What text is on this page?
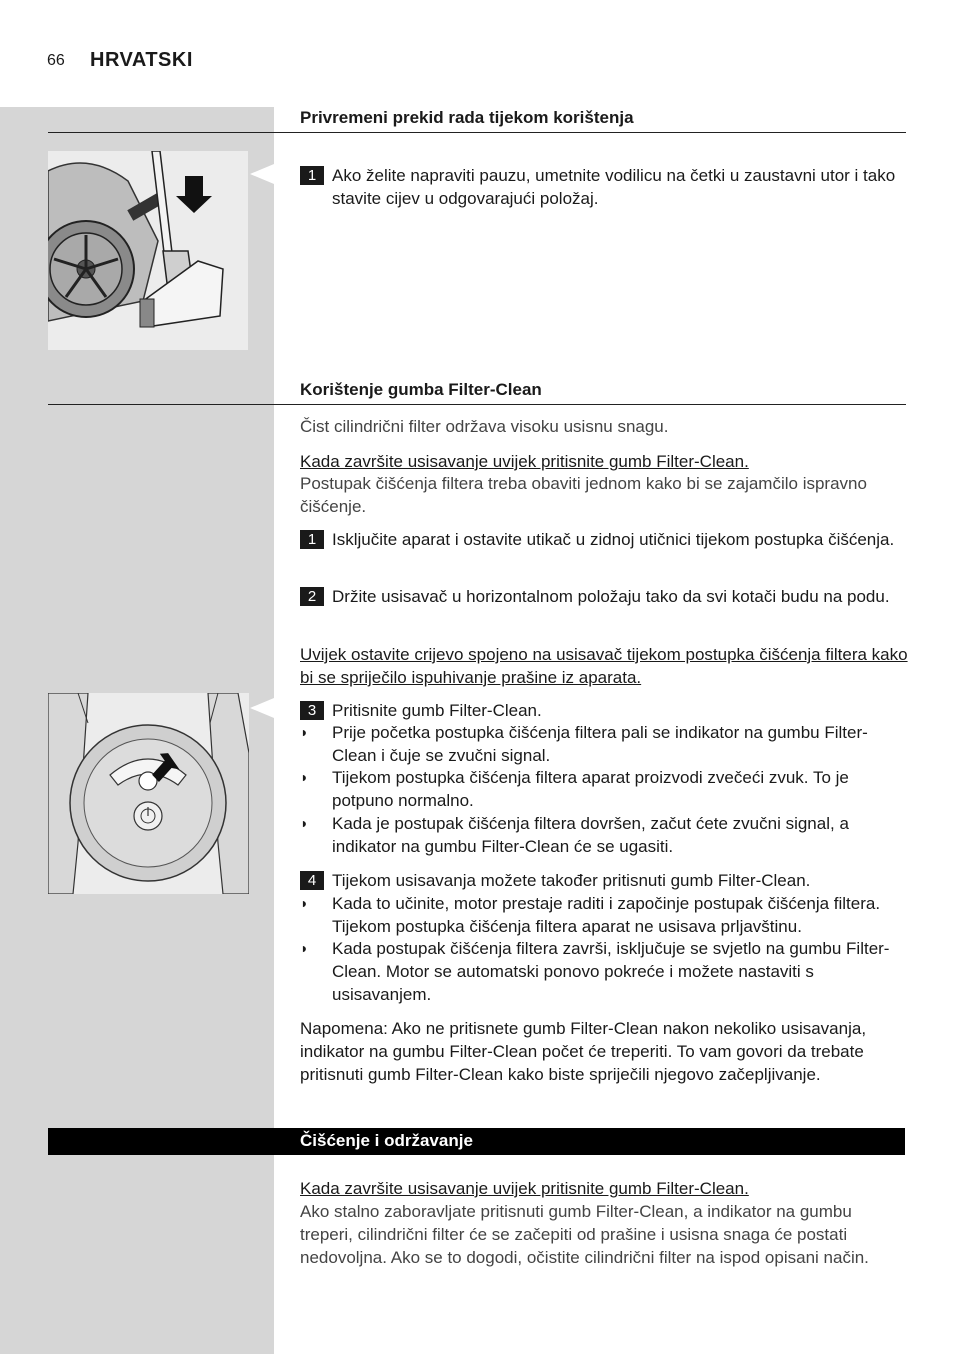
66 HRVATSKI
Privremeni prekid rada tijekom korištenja
1 Ako želite napraviti pauzu, umetnite vodilicu na četki u zaustavni utor i tako stavite cijev u odgovarajući položaj.
Korištenje gumba Filter-Clean
Čist cilindrični filter održava visoku usisnu snagu.
Kada završite usisavanje uvijek pritisnite gumb Filter-Clean.
Postupak čišćenja filtera treba obaviti jednom kako bi se zajamčilo ispravno čišćenje.
1 Isključite aparat i ostavite utikač u zidnoj utičnici tijekom postupka čišćenja.
2 Držite usisavač u horizontalnom položaju tako da svi kotači budu na podu.
Uvijek ostavite crijevo spojeno na usisavač tijekom postupka čišćenja filtera kako bi se spriječilo ispuhivanje prašine iz aparata.
3 Pritisnite gumb Filter-Clean.
◗ Prije početka postupka čišćenja filtera pali se indikator na gumbu Filter-Clean i čuje se zvučni signal.
◗ Tijekom postupka čišćenja filtera aparat proizvodi zvečeći zvuk. To je potpuno normalno.
◗ Kada je postupak čišćenja filtera dovršen, začut ćete zvučni signal, a indikator na gumbu Filter-Clean će se ugasiti.
4 Tijekom usisavanja možete također pritisnuti gumb Filter-Clean.
◗ Kada to učinite, motor prestaje raditi i započinje postupak čišćenja filtera. Tijekom postupka čišćenja filtera aparat ne usisava prljavštinu.
◗ Kada postupak čišćenja filtera završi, isključuje se svjetlo na gumbu Filter-Clean. Motor se automatski ponovo pokreće i možete nastaviti s usisavanjem.
Napomena: Ako ne pritisnete gumb Filter-Clean nakon nekoliko usisavanja, indikator na gumbu Filter-Clean počet će treperiti. To vam govori da trebate pritisnuti gumb Filter-Clean kako biste spriječili njegovo začepljivanje.
Čišćenje i održavanje
Kada završite usisavanje uvijek pritisnite gumb Filter-Clean.
Ako stalno zaboravljate pritisnuti gumb Filter-Clean, a indikator na gumbu treperi, cilindrični filter će se začepiti od prašine i usisna snaga će postati nedovoljna. Ako se to dogodi, očistite cilindrični filter na ispod opisani način.
